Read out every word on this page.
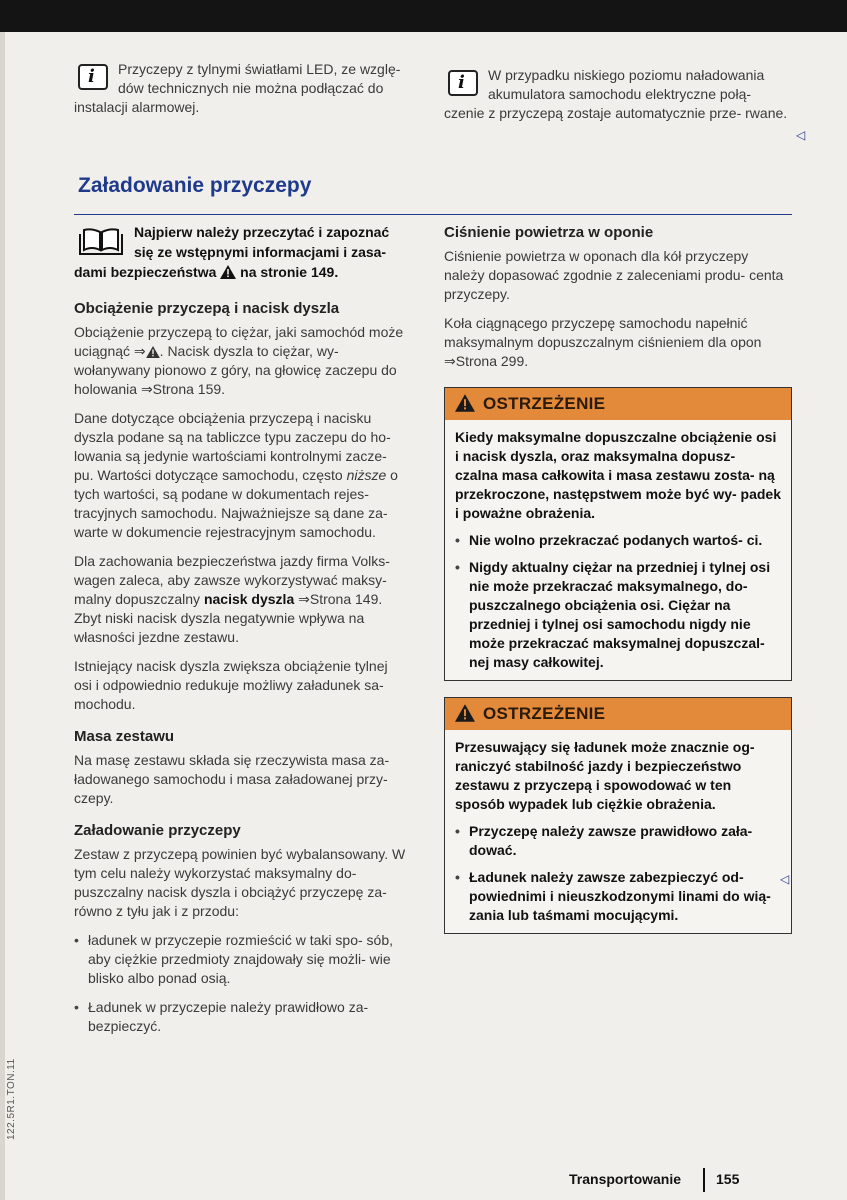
i Przyczepy z tylnymi światłami LED, ze wzglę- dów technicznych nie można podłączać do instalacji alarmowej.
i W przypadku niskiego poziomu naładowania akumulatora samochodu elektryczne połą- czenie z przyczepą zostaje automatycznie prze- rwane.
◁
Załadowanie przyczepy
Najpierw należy przeczytać i zapoznać się ze wstępnymi informacjami i zasa- dami bezpieczeństwa na stronie 149.
Obciążenie przyczepą i nacisk dyszla

Obciążenie przyczepą to ciężar, jaki samochód może uciągnąć ⇒ . Nacisk dyszla to ciężar, wy- wołanywany pionowo z góry, na głowicę zaczepu do holowania ⇒Strona 159.

Dane dotyczące obciążenia przyczepą i nacisku dyszla podane są na tabliczce typu zaczepu do ho- lowania są jedynie wartościami kontrolnymi zacze- pu. Wartości dotyczące samochodu, często niższe o tych wartości, są podane w dokumentach rejes- tracyjnych samochodu. Najważniejsze są dane za- warte w dokumencie rejestracyjnym samochodu.

Dla zachowania bezpieczeństwa jazdy firma Volks- wagen zaleca, aby zawsze wykorzystywać maksy- malny dopuszczalny nacisk dyszla ⇒Strona 149. Zbyt niski nacisk dyszla negatywnie wpływa na własności jezdne zestawu.

Istniejący nacisk dyszla zwiększa obciążenie tylnej osi i odpowiednio redukuje możliwy załadunek sa- mochodu.

Masa zestawu

Na masę zestawu składa się rzeczywista masa za- ładowanego samochodu i masa załadowanej przy- czepy.

Załadowanie przyczepy

Zestaw z przyczepą powinien być wybalansowany. W tym celu należy wykorzystać maksymalny do- puszczalny nacisk dyszla i obciążyć przyczepę za- równo z tyłu jak i z przodu:

• ładunek w przyczepie rozmieścić w taki spo- sób, aby ciężkie przedmioty znajdowały się możli- wie blisko albo ponad osią.

• Ładunek w przyczepie należy prawidłowo za- bezpieczyć.

Ciśnienie powietrza w oponie

Ciśnienie powietrza w oponach dla kół przyczepy należy dopasować zgodnie z zaleceniami produ- centa przyczepy.

Koła ciągnącego przyczepę samochodu napełnić maksymalnym dopuszczalnym ciśnieniem dla opon ⇒Strona 299.

OSTRZEŻENIE

Kiedy maksymalne dopuszczalne obciążenie osi i nacisk dyszla, oraz maksymalna dopusz- czalna masa całkowita i masa zestawu zosta- ną przekroczone, następstwem może być wy- padek i poważne obrażenia.

• Nie wolno przekraczać podanych wartoś- ci.

• Nigdy aktualny ciężar na przedniej i tylnej osi nie może przekraczać maksymalnego, do- puszczalnego obciążenia osi. Ciężar na przedniej i tylnej osi samochodu nigdy nie może przekraczać maksymalnej dopuszczal- nej masy całkowitej.

OSTRZEŻENIE

Przesuwający się ładunek może znacznie og- raniczyć stabilność jazdy i bezpieczeństwo zestawu z przyczepą i spowodować w ten sposób wypadek lub ciężkie obrażenia.

• Przyczepę należy zawsze prawidłowo zała- dować.

• Ładunek należy zawsze zabezpieczyć od- powiednimi i nieuszkodzonymi linami do wią- zania lub taśmami mocującymi.

◁
Transportowanie 155
122.5R1.TON.11
